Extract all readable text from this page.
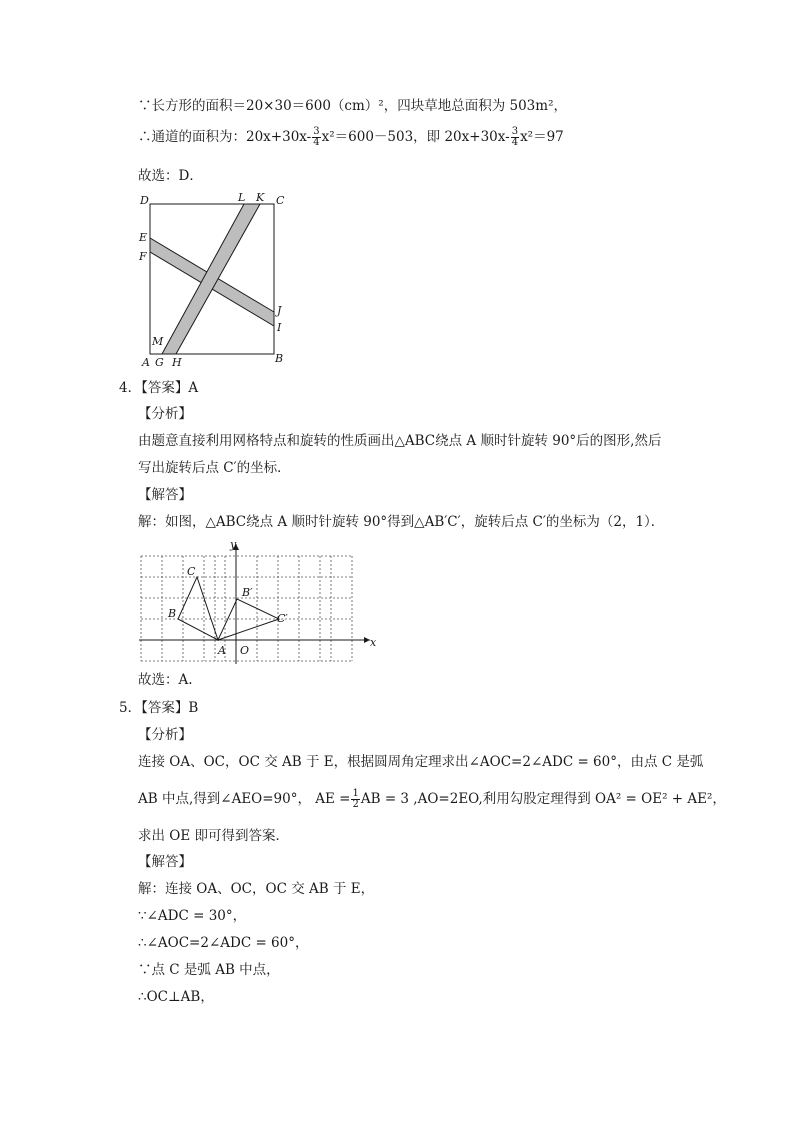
∵长方形的面积＝20×30＝600（cm）²，四块草地总面积为 503m²，
∴通道的面积为：$20x+30x- \frac{3}{4} x^2=600-503$，即 $20x+30x- \frac{3}{4} x^2=97$
故选：D．
D	L K C
E
F
J
I
M
A G H	B
4．【答案】A
【分析】
由题意直接利用网格特点和旋转的性质画出△ABC绕点 A 顺时针旋转 90°后的图形,然后
写出旋转后点 C′的坐标．
【解答】
解：如图，△ABC绕点 A 顺时针旋转 90°得到△AB′C′，旋转后点 C′的坐标为（2，1）．
y
x
C
B
B′
C′
A O
故选：A.
5．【答案】B
【分析】
连接 OA、OC，OC 交 AB 于 E，根据圆周角定理求出∠AOC=2∠ADC = 60°，由点 C 是弧
AB 中点,得到∠AEO=90°， AE = $\frac{1}{2}$ AB = 3 ,AO=2EO,利用勾股定理得到 OA² = OE² + AE²，
求出 OE 即可得到答案．
【解答】
解：连接 OA、OC，OC 交 AB 于 E，
∵∠ADC = 30°，
∴∠AOC=2∠ADC = 60°，
∵点 C 是弧 AB 中点，
∴OC⊥AB，
